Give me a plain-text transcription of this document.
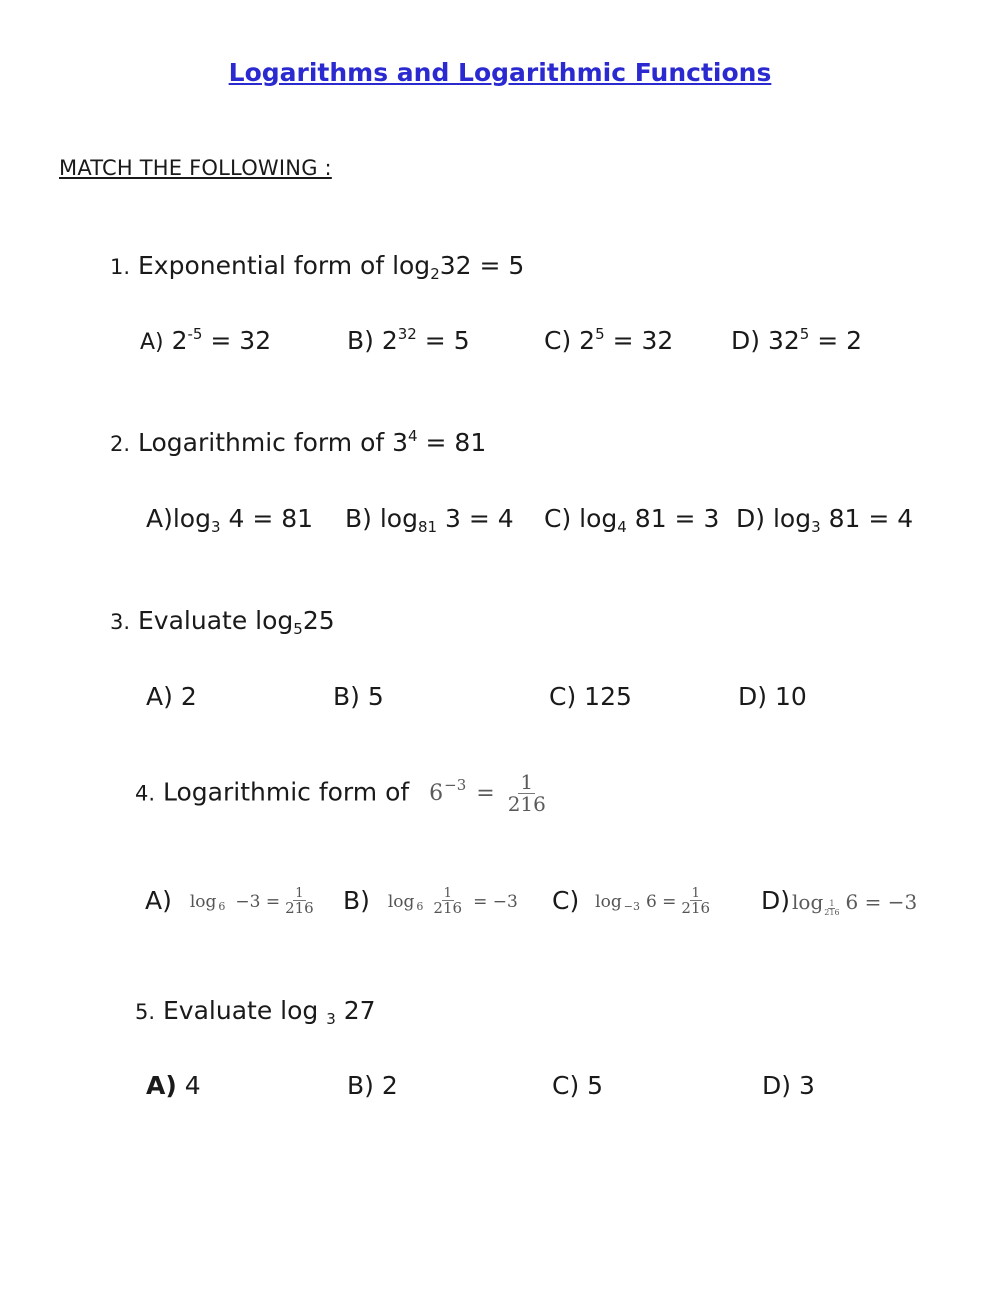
Logarithms and Logarithmic Functions
MATCH THE FOLLOWING :
1. Exponential form of $\log_232 = 5$
A) $2^{-5} = 32$	B) $2^{32} = 5$	C) $2^5 = 32$ D) $32^5 = 2$
2. Logarithmic form of $3^4 = 81$
$A)\log_3$ 4 = 81 B) $\log_{81} 3 = 4$ C) $\log_4 81 = 3$ D) $\log_3 81 = 4$
3. Evaluate $\log_525$
A) 2	B) 5	C) 125	D) 10
4. Logarithmic form of $6 -3 = \frac{1}{216}$
A) $\log 6 -3 = \frac{1}{216} B$) $\log 6 \frac{1}{216} = -3$ C) log −3 $6 = \frac{1}{216} D$) log 1
216 6 = −3
5. Evaluate log $_3$ 27
A) 4	B) 2	C) 5	D) 3
